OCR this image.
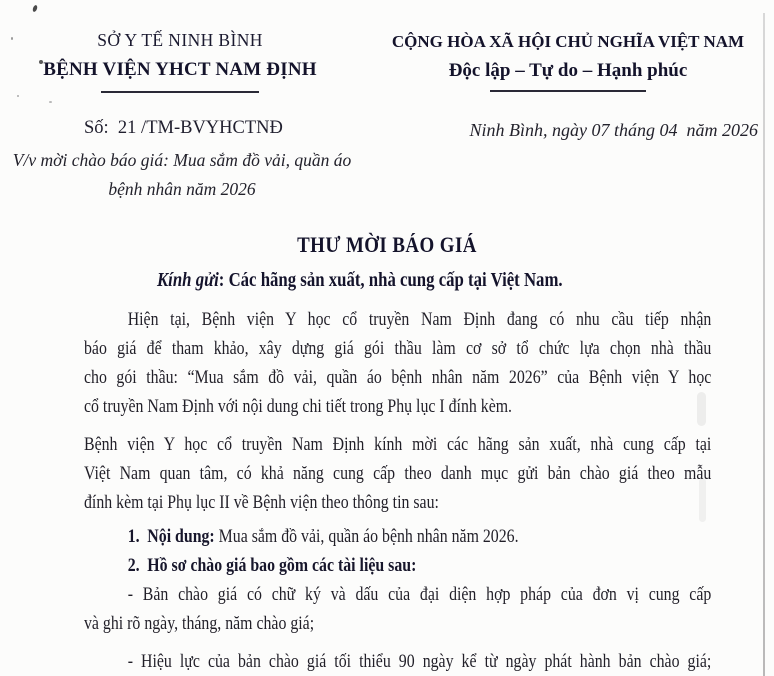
SỞ Y TẾ NINH BÌNH
BỆNH VIỆN YHCT NAM ĐỊNH
CỘNG HÒA XÃ HỘI CHỦ NGHĨA VIỆT NAM
Độc lập – Tự do – Hạnh phúc
Số:  21 /TM-BVYHCTNĐ	Ninh Bình, ngày 07 tháng 04  năm 2026
V/v mời chào báo giá: Mua sắm đồ vải, quần áo
bệnh nhân năm 2026
THƯ MỜI BÁO GIÁ
Kính gửi: Các hãng sản xuất, nhà cung cấp tại Việt Nam.
Hiện tại, Bệnh viện Y học cổ truyền Nam Định đang có nhu cầu tiếp nhận
báo giá để tham khảo, xây dựng giá gói thầu làm cơ sở tổ chức lựa chọn nhà thầu
cho gói thầu: “Mua sắm đồ vải, quần áo bệnh nhân năm 2026” của Bệnh viện Y học
cổ truyền Nam Định với nội dung chi tiết trong Phụ lục I đính kèm.
Bệnh viện Y học cổ truyền Nam Định kính mời các hãng sản xuất, nhà cung cấp tại
Việt Nam quan tâm, có khả năng cung cấp theo danh mục gửi bản chào giá theo mẫu
đính kèm tại Phụ lục II về Bệnh viện theo thông tin sau:
1. Nội dung: Mua sắm đồ vải, quần áo bệnh nhân năm 2026.
2. Hồ sơ chào giá bao gồm các tài liệu sau:
- Bản chào giá có chữ ký và dấu của đại diện hợp pháp của đơn vị cung cấp
và ghi rõ ngày, tháng, năm chào giá;
- Hiệu lực của bản chào giá tối thiểu 90 ngày kể từ ngày phát hành bản chào giá;
